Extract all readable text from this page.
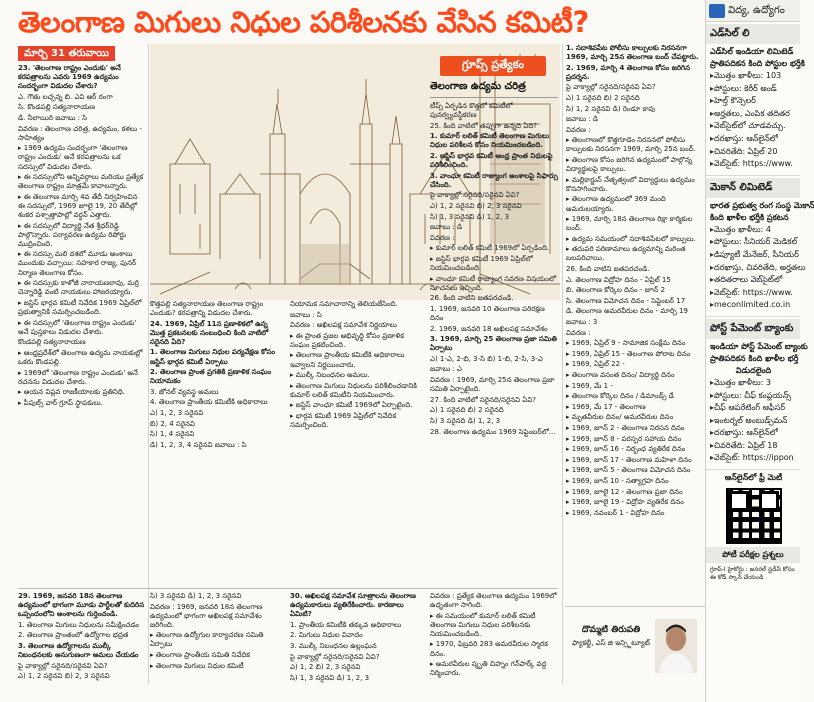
తెలంగాణ మిగులు నిధుల పరిశీలనకు వేసిన కమిటీ?
మార్చి 31 తరువాయి

23. 'తెలంగాణ రాష్ట్రం ఎందుకు' అనే కరపత్రాలను ఎవరు 1969 ఉద్యమం సందర్భంగా విడుదల చేశారు?

ఎ. గౌతు లచ్చన్న బి. ఎవి ఆర్ రంగా

సి. కొండపల్లి సత్యనారాయణ

డి. నీలాయిరి జవాబు : సి

వివరణ : తెలంగాణ చరిత్ర, ఉద్యమం, కళలు - సాహిత్యం

▸ 1969 ఉద్యమ సందర్భంగా 'తెలంగాణ రాష్ట్రం ఎందుకు' అనే కరపత్రాలను ఒక సదస్సులో విడుదల చేశారు.

▸ ఈ సదస్సులోని అన్నివర్గాలు మరియు ప్రత్యేక తెలంగాణ రాష్ట్రం మాత్రమే కావాలన్నారు.

▸ ఈ తెలంగాణ మార్చి 4వ తేదీ నిర్వహించిన ఈ సదస్సులో, 1969 జూలై 19, 20 తేదీల్లో శంకర పశ్చాత్తాపాల్లో వర్ధన్‌ ఎత్తారు.

▸ ఈ సదస్సులో విద్యార్థి నేత శ్రీధర్‌రెడ్డి పాల్గొన్నారు. పర్యావరణ ఉద్యమ రిపోర్టు ముద్రించింది.

▸ ఈ సదస్సు మలి దశలో మూడు అంశాలు ముందుకు వచ్చాయి: సహకార రాజ్య, పునర్‌ నిర్మాణ తెలంగాణ కోసం.

▸ ఈ సదస్సుకు కాళోజీ నారాయణరావు, మర్రి చెన్నారెడ్డి వంటి నాయకులు హాజరయ్యారు.

▸ జస్టిస్‌ భార్గవ కమిటీ నివేదిక 1969 ఏప్రిల్‌లో ప్రభుత్వానికి సమర్పించబడింది.

▸ ఈ సదస్సులో 'తెలంగాణ రాష్ట్రం ఎందుకు' అనే పుస్తకాలు విడుదల చేశారు.

కొండపల్లి సత్యనారాయణ

▸ ఆంధ్రప్రదేశ్‌లో తెలంగాణ ఉద్యమ నాయకుల్లో ఒకరు కొండపల్లి.

▸ 1969లో 'తెలంగాణ రాష్ట్రం ఎందుకు' అనే రచనను విడుదల చేశారు.

▸ ఆయన విప్లవ రాజకీయాలకు ప్రతినిధి.

▸ పీపుల్స్‌ వార్‌ గ్రూప్‌ స్థాపకులు.

గ్రూప్స్ ప్రత్యేకం
తెలంగాణ ఉద్యమ చరిత్ర

కొత్తపల్లి సత్యనారాయణ తెలంగాణ రాష్ట్రం ఎందుకు? కరపత్రాన్ని విడుదల చేశారు.

24. 1969, ఏప్రిల్ 11న ప్రణాళికలో ఉన్న మొత్త ప్రకటనలకు సంబంధించి కింది వాటిలో సరైనది ఏది?

1. తెలంగాణ మిగులు నిధుల పర్యవేక్షణ కోసం జస్టిస్‌ భార్గవ కమిటీ ఏర్పాటు

2. తెలంగాణ ప్రాంత ప్రగతికి ప్రణాళిక సంఘం నియామకం

3. జోనల్‌ వ్యవస్థ అమలు

4. తెలంగాణ ప్రాంతీయ కమిటీకి అధికారాలు

ఎ) 1, 2, 3 సరైనవి

బి) 2, 4 సరైనవి

సి) 1, 4 సరైనవి

డి) 1, 2, 3, 4 సరైనవి జవాబు : సి

నియామక సమాచారాన్ని తెలియజేసింది.

జవాబు : సి

వివరణ : అఖిలపక్ష సమావేశ నిర్ణయాలు

▸ ఈ ప్రాంత ప్రజల అభివృద్ధి కోసం ప్రణాళిక సంఘం ప్రకటించింది.

▸ తెలంగాణ ప్రాంతీయ కమిటీకి అధికారాలు ఇవ్వాలని నిర్ణయించారు.

▸ ముల్కీ నిబంధనల అమలు.

▸ తెలంగాణ మిగులు నిధులను పరిశీలించడానికి కుమార్‌ లలిత్‌ కమిటీని నియమించారు.

▸ జస్టిస్‌ వాంఛూ కమిటీ 1969లో ఏర్పాటైంది.

▸ భార్గవ కమిటీ 1969 ఏప్రిల్‌లో నివేదిక సమర్పించింది.

టీప్స్‌ ఏర్పడిన కొత్తలో కమిటీలో పునర్వ్యవస్థీకరణ

25. కింది వాటిలో తప్పుగా ఉన్నది ఏది?

1. కుమార్‌ లలిత్‌ కమిటీ తెలంగాణ మిగులు నిధుల పరిశీలన కోసం నియమించబడింది.

2. జస్టిస్‌ భార్గవ కమిటీ ఆంధ్ర ప్రాంత నిధులపై పరిశీలించింది.

3. వాంఛూ కమిటీ రాజ్యాంగ అంశాలపై సిఫార్సు చేసింది.

పై వాక్యాల్లో సరైనది/సరైనవి ఏవి?

ఎ) 1, 2 సరైనవి బి) 2, 3 సరైనవి

సి) 1, 3 సరైనవి డి) 1, 2, 3

జవాబు : డి

వివరణ :

▸ కుమార్‌ లలిత్‌ కమిటీ 1969లో ఏర్పడింది.

▸ జస్టిస్‌ భార్గవ కమిటీ 1969 ఏప్రిల్‌లో నియమించబడింది.

▸ వాంఛూ కమిటీ రాజ్యాంగ సవరణ విషయంలో సూచనలు ఇచ్చింది.

26. కింది వాటిని జతపరచండి.

1. 1969, జనవరి 10 తెలంగాణ పరిరక్షణ దినం

2. 1969, జనవరి 18 అఖిలపక్ష సమావేశం

3. 1969, మార్చి 25 తెలంగాణ ప్రజా సమితి ఏర్పాటు

ఎ) 1-ఎ, 2-బి, 3-సి బి) 1-బి, 2-సి, 3-ఎ

జవాబు : ఎ

వివరణ : 1969, మార్చి 25న తెలంగాణ ప్రజా సమితి ఏర్పాటైంది.

27. కింది వాటిలో సరైనది/సరైనవి ఏవి?

ఎ) 1 సరైనది బి) 2 సరైనది

సి) 3 సరైనది డి) 1, 2, 3

28. తెలంగాణ ఉద్యమం 1969 సెప్టెంబర్‌లో...

1. సదాశివపేట పోలీసు కాల్పులకు నిరసనగా 1969, మార్చి 25న తెలంగాణ బంద్‌ చేపట్టారు.

2. 1969, మార్చి 4 తెలంగాణ కోసం జరిగిన ప్రదర్శన.

పై వాక్యాల్లో సరైనది/సరైనవి ఏవి?

ఎ) 1 సరైనది బి) 2 సరైనది

సి) 1, 2 సరైనవి డి) రెండూ కావు

జవాబు : డి

వివరణ :

▸ తెలంగాణలో కొత్తగూడెం నిరసనలో పోలీసు కాల్పులకు నిరసనగా 1969, మార్చి 25న బంద్‌.

▸ తెలంగాణ కోసం జరిగిన ఉద్యమంలో పాల్గొన్న విద్యార్థులపై కాల్పులు.

▸ మల్లికార్జున్‌ నేతృత్వంలో విద్యార్థులు ఉద్యమం కొనసాగించారు.

▸ తెలంగాణ ఉద్యమంలో 369 మంది అమరులయ్యారు.

▸ 1969, మార్చి 18న తెలంగాణ రిక్షా కార్మికుల బంద్‌.

▸ ఉద్యమ సమయంలో సదాశివపేటలో కాల్పులు.

▸ తదుపరి పరిణామాలు ఉద్యమాన్ని మరింత బలపరిచాయి.

26. కింది వాటిని జతపరచండి.

ఎ. తెలంగాణ విద్రోహ దినం - ఏప్రిల్‌ 15

బి. తెలంగాణ కోర్కెల దినం - జూన్‌ 2

సి. తెలంగాణ విమోచన దినం - సెప్టెంబర్‌ 17

డి. తెలంగాణ అమరవీరుల దినం - మార్చి 19

జవాబు : 3

వివరణ :

▸ 1969, ఏప్రిల్‌ 9 - సామాజిక సంక్షేమ దినం

▸ 1969, ఏప్రిల్‌ 15 - తెలంగాణ పోరాట దినం

▸ 1969, ఏప్రిల్‌ 22 -

▸ తెలంగాణ వసంత దినం/ విద్యార్థి దినం

▸ 1969, మే 1 -

▸ తెలంగాణ కోర్కెల దినం / డిమాండ్స్‌ డే

▸ 1969, మే 17 - తెలంగాణ

▸ మృతవీరుల దినం/ అమరవీరుల దినం

▸ 1969, జూన్‌ 2 - తెలంగాణ నిరసన దినం

▸ 1969, జూన్‌ 8 - పరస్పర సహాయ దినం

▸ 1969, జూన్‌ 16 - నిర్బంధ వ్యతిరేక దినం

▸ 1969, జూన్‌ 17 - తెలంగాణ మహిళా దినం

▸ 1969, జూన్‌ 5 - తెలంగాణ విమోచన దినం

▸ 1969, జూన్‌ 10 - సత్యాగ్రహ దినం

▸ 1969, జూలై 12 - తెలంగాణ ప్రజా దినం

▸ 1969, జూలై 19 - విద్రోహ వ్యతిరేక దినం

▸ 1969, నవంబర్‌ 1 - విద్రోహ దినం

29. 1969, జనవరి 18న తెలంగాణ ఉద్యమంలో భాగంగా మూడు పార్టీలతో కుదిరిన ఒప్పందంలోని అంశాలను గుర్తించండి.

1. తెలంగాణ మిగులు నిధులను సమీక్షించడం

2. తెలంగాణ ప్రాంతంలో ఉద్యోగాల భద్రత

3. తెలంగాణ ఉద్యోగాలను ముల్కీ నిబంధనలకు అనుగుణంగా అమలు చేయడం

పై వాక్యాల్లో సరైనది/సరైనవి ఏవి?

ఎ) 1, 2 సరైనవి బి) 2, 3 సరైనవి

సి) 3 సరైనవి డి) 1, 2, 3 సరైనవి

వివరణ : 1969, జనవరి 18న తెలంగాణ ఉద్యమంలో భాగంగా అఖిలపక్ష సమావేశం జరిగింది.

▸ తెలంగాణ ఉద్యోగుల కార్యాచరణ సమితి ఏర్పాటు

▸ తెలంగాణ ప్రాంతీయ సమితి నివేదిక

▸ తెలంగాణ మిగులు నిధుల కమిటీ

30. అఖిలపక్ష సమావేశ సూత్రాలను తెలంగాణ ఉద్యమకారులు వ్యతిరేకించారు. కారణాలు ఏమిటి?

1. ప్రాంతీయ కమిటీకి తక్కువ అధికారాలు

2. మిగులు నిధుల వివాదం

3. ముల్కీ నిబంధనల ఉల్లంఘన

పై వాక్యాల్లో సరైనది/సరైనవి ఏవి?

ఎ) 1, 2 బి) 2, 3 సరైనవి

సి) 1, 3 సరైనవి డి) 1, 2, 3

వివరణ : ప్రత్యేక తెలంగాణ ఉద్యమం 1969లో ఉధృతంగా సాగింది.

▸ ఈ సమయంలో కుమార్‌ లలిత్‌ కమిటీ తెలంగాణ మిగులు నిధుల పరిశీలనకు నియమించబడింది.

▸ 1970, ఫిబ్రవరి 283 అమరవీరుల స్మారక దినం.

▸ అమరవీరుల స్మృతి చిహ్నం గన్‌పార్క్‌ వద్ద నిర్మించారు.

దొమ్మటి తిరుపతి
ఫ్యాకల్టీ, ఎస్‌ జి ఇన్స్టిట్యూట్
విద్య, ఉద్యోగం
ఎడ్‌సిల్‌ లి
ఎడ్‌సిల్‌ ఇండియా లిమిటెడ్
ప్రాతిపదికన కింది పోస్టుల భర్తీకి
▸ మొత్తం ఖాళీలు: 103
▸ పోస్టులు: కెరీర్ అండ్
▸ హెల్త్ కౌన్సెలర్
▸ అర్హతలు, ఎంపిక తదితర
▸ వెబ్‌సైట్‌లో చూడవచ్చు.
▸ దరఖాస్తు: ఆన్‌లైన్‌లో
▸ చివరితేది: ఏప్రిల్ 20
▸ వెబ్‌సైట్: https://www.
మెకాన్ లిమిటెడ్
భారత ప్రభుత్వ రంగ సంస్థ మెకాన్
కింది ఖాళీల భర్తీకి ప్రకటన
▸ మొత్తం ఖాళీలు: 4
▸ పోస్టులు: సీనియర్ మెడికల్
▸ డిప్యూటీ మేనేజర్, సీనియర్
▸ దరఖాస్తు, చివరితేది, అర్హతలు
▸ తదితరాలు వెబ్‌సైట్‌లో
▸ వెబ్‌సైట్: https://www.
▸ meconlimited.co.in
పోస్ట్ పేమెంట్ బ్యాంకు
ఇండియా పోస్ట్ పేమెంట్ బ్యాంకు
ప్రాతిపదికన కింది ఖాళీల భర్తీ
విడుదలైంది
▸ మొత్తం ఖాళీలు: 3
▸ పోస్టులు: చీఫ్ కంప్లయన్స్
▸ చీఫ్ ఆపరేటింగ్ ఆఫీసర్
▸ ఇంటర్నల్ అంబుడ్స్‌మన్
▸ దరఖాస్తు: ఆన్‌లైన్‌లో
▸ చివరితేది: ఏప్రిల్ 18
▸ వెబ్‌సైట్: https://ippon
ఆన్‌లైన్‌లో ఫ్రీ మెటీ
పోటీ పరీక్షల ప్రశ్నలు
గ్రూప్-I హైకోర్టు : జనరల్ స్టడీస్ కోసం ఈ కోడ్ స్కాన్ చేయండి
